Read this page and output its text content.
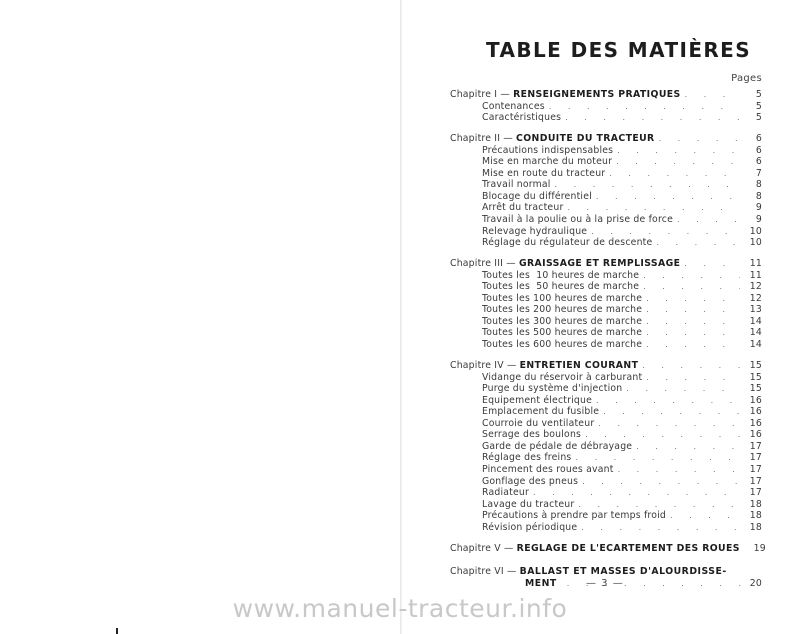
TABLE DES MATIÈRES
Pages
Chapitre I — RENSEIGNEMENTS PRATIQUES . . .	5
Contenances . . .	5
Caractéristiques . . .	5
Chapitre II — CONDUITE DU TRACTEUR . . .	6
Précautions indispensables . . .	6
Mise en marche du moteur . . .	6
Mise en route du tracteur . . .	7
Travail normal . . .	8
Blocage du différentiel . . .	8
Arrêt du tracteur . . .	9
Travail à la poulie ou à la prise de force . . .	9
Relevage hydraulique . . .	10
Réglage du régulateur de descente . . .	10
Chapitre III — GRAISSAGE ET REMPLISSAGE . . .	11
Toutes les  10 heures de marche . . .	11
Toutes les  50 heures de marche . . .	12
Toutes les 100 heures de marche . . .	12
Toutes les 200 heures de marche . . .	13
Toutes les 300 heures de marche . . .	14
Toutes les 500 heures de marche . . .	14
Toutes les 600 heures de marche . . .	14
Chapitre IV — ENTRETIEN COURANT . . .	15
Vidange du réservoir à carburant . . .	15
Purge du système d'injection . . .	15
Equipement électrique . . .	16
Emplacement du fusible . . .	16
Courroie du ventilateur . . .	16
Serrage des boulons . . .	16
Garde de pédale de débrayage . . .	17
Réglage des freins . . .	17
Pincement des roues avant . . .	17
Gonflage des pneus . . .	17
Radiateur . . .	17
Lavage du tracteur . . .	18
Précautions à prendre par temps froid . . .	18
Révision périodique . . .	18
Chapitre V — REGLAGE DE L'ECARTEMENT DES ROUES	19
Chapitre VI — BALLAST ET MASSES D'ALOURDISSE-
MENT . . .	20
— 3 —
www.manuel-tracteur.info
